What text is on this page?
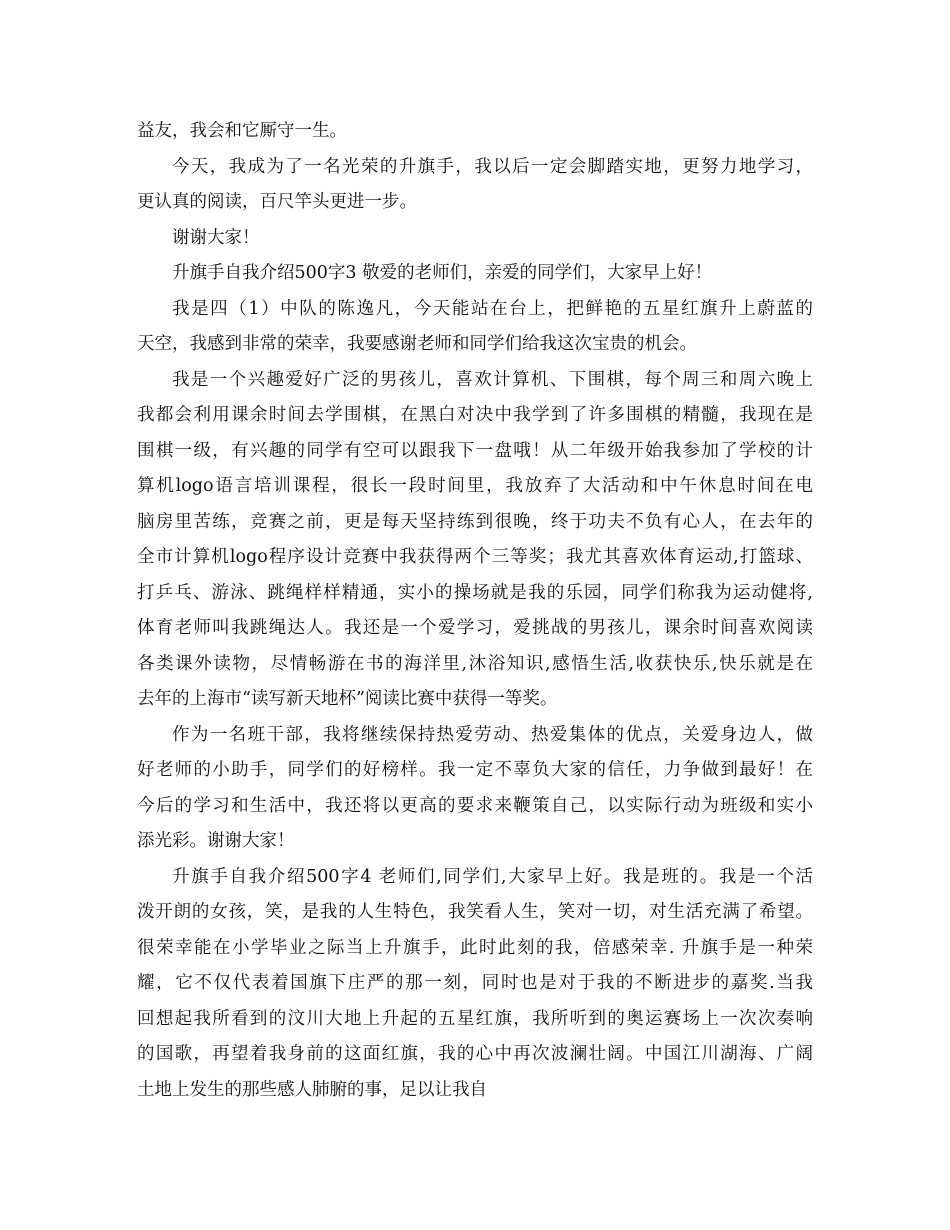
益友，我会和它厮守一生。
今天，我成为了一名光荣的升旗手，我以后一定会脚踏实地，更努力地学习，
更认真的阅读，百尺竿头更进一步。
谢谢大家！
升旗手自我介绍500字3 敬爱的老师们，亲爱的同学们，大家早上好！
我是四（1）中队的陈逸凡，今天能站在台上，把鲜艳的五星红旗升上蔚蓝的
天空，我感到非常的荣幸，我要感谢老师和同学们给我这次宝贵的机会。
我是一个兴趣爱好广泛的男孩儿，喜欢计算机、下围棋，每个周三和周六晚上
我都会利用课余时间去学围棋，在黑白对决中我学到了许多围棋的精髓，我现在是
围棋一级，有兴趣的同学有空可以跟我下一盘哦！从二年级开始我参加了学校的计
算机logo语言培训课程，很长一段时间里，我放弃了大活动和中午休息时间在电
脑房里苦练，竞赛之前，更是每天坚持练到很晚，终于功夫不负有心人，在去年的
全市计算机logo程序设计竞赛中我获得两个三等奖；我尤其喜欢体育运动,打篮球、
打乒乓、游泳、跳绳样样精通，实小的操场就是我的乐园，同学们称我为运动健将,
体育老师叫我跳绳达人。我还是一个爱学习，爱挑战的男孩儿，课余时间喜欢阅读
各类课外读物，尽情畅游在书的海洋里,沐浴知识,感悟生活,收获快乐,快乐就是在
去年的上海市“读写新天地杯”阅读比赛中获得一等奖。
作为一名班干部，我将继续保持热爱劳动、热爱集体的优点，关爱身边人，做
好老师的小助手，同学们的好榜样。我一定不辜负大家的信任，力争做到最好！在
今后的学习和生活中，我还将以更高的要求来鞭策自己，以实际行动为班级和实小
添光彩。谢谢大家！
升旗手自我介绍500字4 老师们,同学们,大家早上好。我是班的。我是一个活
泼开朗的女孩，笑，是我的人生特色，我笑看人生，笑对一切，对生活充满了希望。
很荣幸能在小学毕业之际当上升旗手，此时此刻的我，倍感荣幸. 升旗手是一种荣
耀，它不仅代表着国旗下庄严的那一刻，同时也是对于我的不断进步的嘉奖.当我
回想起我所看到的汶川大地上升起的五星红旗，我所听到的奥运赛场上一次次奏响
的国歌，再望着我身前的这面红旗，我的心中再次波澜壮阔。中国江川湖海、广阔
土地上发生的那些感人肺腑的事，足以让我自
